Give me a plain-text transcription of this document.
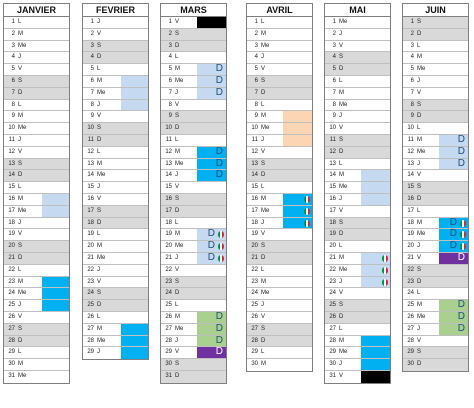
JANVIER
1 L
2 M
3 Me
4 J
5 V
6 S
7 D
8 L
9 M
10 Me
11 J
12 V
13 S
14 D
15 L
16 M
17 Me
18 J
19 V
20 S
21 D
22 L
23 M
24 Me
25 J
26 V
27 S
28 D
29 L
30 M
31 Me
FEVRIER
1 J
2 V
3 S
4 D
5 L
6 M
7 Me
8 J
9 V
10 S
11 D
12 L
13 M
14 Me
15 J
16 V
17 S
18 D
19 L
20 M
21 Me
22 J
23 V
24 S
25 D
26 L
27 M
28 Me
29 J
MARS
1 V
2 S
3 D
4 L
D
5 M
D
6 Me
D
7 J
8 V
9 S
10 D
11 L
D
12 M
D
13 Me
D
14 J
15 V
16 S
17 D
18 L
D
19 M
D
20 Me
D
21 J
22 V
23 S
24 D
25 L
D
26 M
D
27 Me
D
28 J
D
29 V
30 S
31 D
AVRIL
1 L
2 M
3 Me
4 J
5 V
6 S
7 D
8 L
9 M
10 Me
11 J
12 V
13 S
14 D
15 L
16 M
17 Me
18 J
19 V
20 S
21 D
22 L
23 M
24 Me
25 J
26 V
27 S
28 D
29 L
30 M
MAI
1 Me
2 J
3 V
4 S
5 D
6 L
7 M
8 Me
9 J
10 V
11 S
12 D
13 L
14 M
15 Me
16 J
17 V
18 S
19 D
20 L
21 M
22 Me
23 J
24 V
25 S
26 D
27 L
28 M
29 Me
30 J
31 V
JUIN
1 S
2 D
3 L
4 M
5 Me
6 J
7 V
8 S
9 D
10 L
D
11 M
D
12 Me
D
13 J
14 V
15 S
16 D
17 L
D
18 M
D
19 Me
D
20 J
D
21 V
22 S
23 D
24 L
D
25 M
D
26 Me
D
27 J
28 V
29 S
30 D
